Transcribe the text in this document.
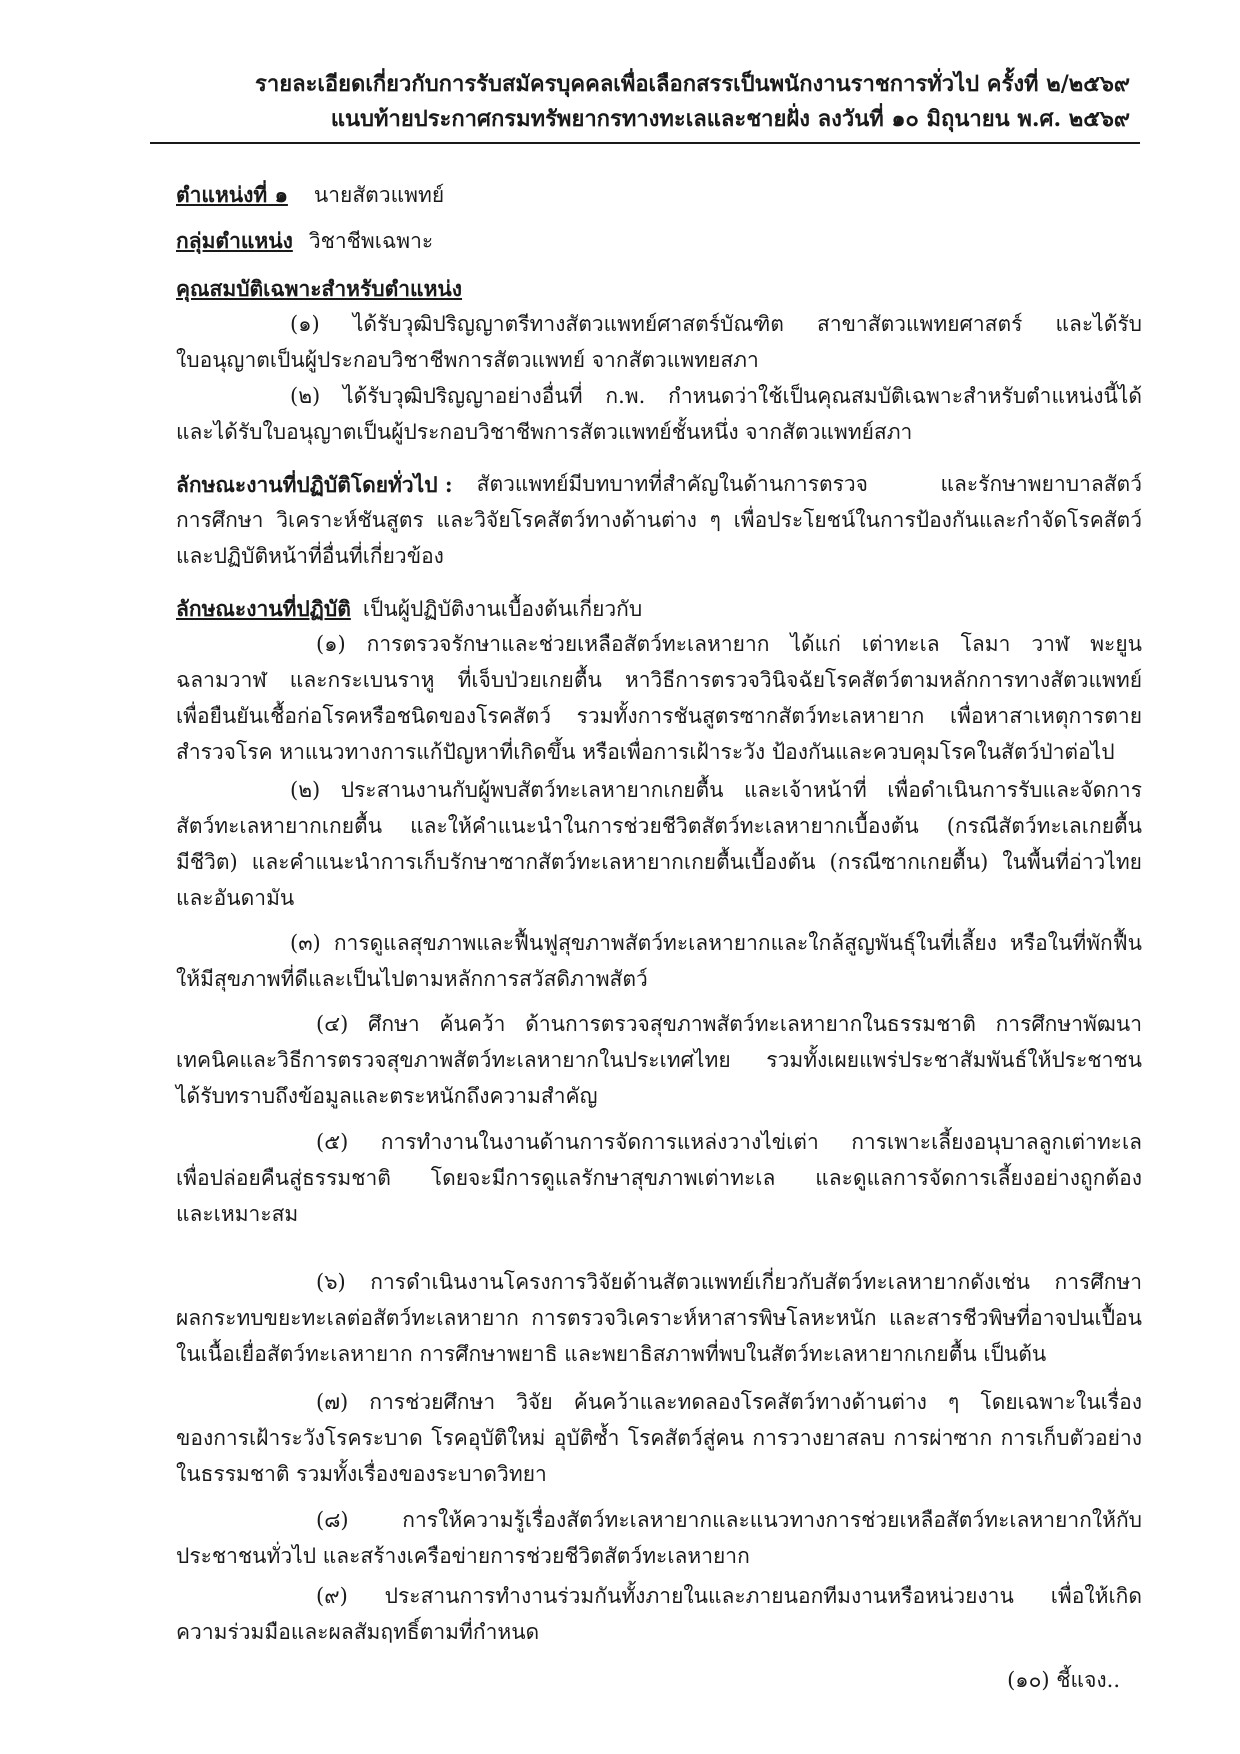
รายละเอียดเกี่ยวกับการรับสมัครบุคคลเพื่อเลือกสรรเป็นพนักงานราชการทั่วไป ครั้งที่ ๒/๒๕๖๙
แนบท้ายประกาศกรมทรัพยากรทางทะเลและชายฝั่ง ลงวันที่ ๑๐ มิถุนายน พ.ศ. ๒๕๖๙
ตำแหน่งที่ ๑ นายสัตวแพทย์
กลุ่มตำแหน่ง วิชาชีพเฉพาะ
คุณสมบัติเฉพาะสำหรับตำแหน่ง
(๑) ได้รับวุฒิปริญญาตรีทางสัตวแพทย์ศาสตร์บัณฑิต สาขาสัตวแพทยศาสตร์ และได้รับ
ใบอนุญาตเป็นผู้ประกอบวิชาชีพการสัตวแพทย์ จากสัตวแพทยสภา
(๒) ได้รับวุฒิปริญญาอย่างอื่นที่ ก.พ. กำหนดว่าใช้เป็นคุณสมบัติเฉพาะสำหรับตำแหน่งนี้ได้
และได้รับใบอนุญาตเป็นผู้ประกอบวิชาชีพการสัตวแพทย์ชั้นหนึ่ง จากสัตวแพทย์สภา
ลักษณะงานที่ปฏิบัติโดยทั่วไป : สัตวแพทย์มีบทบาทที่สำคัญในด้านการตรวจ และรักษาพยาบาลสัตว์
การศึกษา วิเคราะห์ชันสูตร และวิจัยโรคสัตว์ทางด้านต่าง ๆ เพื่อประโยชน์ในการป้องกันและกำจัดโรคสัตว์
และปฏิบัติหน้าที่อื่นที่เกี่ยวข้อง
ลักษณะงานที่ปฏิบัติ เป็นผู้ปฏิบัติงานเบื้องต้นเกี่ยวกับ
(๑) การตรวจรักษาและช่วยเหลือสัตว์ทะเลหายาก ได้แก่ เต่าทะเล โลมา วาฬ พะยูน
ฉลามวาฬ และกระเบนราหู ที่เจ็บป่วยเกยตื้น หาวิธีการตรวจวินิจฉัยโรคสัตว์ตามหลักการทางสัตวแพทย์
เพื่อยืนยันเชื้อก่อโรคหรือชนิดของโรคสัตว์ รวมทั้งการชันสูตรซากสัตว์ทะเลหายาก เพื่อหาสาเหตุการตาย
สำรวจโรค หาแนวทางการแก้ปัญหาที่เกิดขึ้น หรือเพื่อการเฝ้าระวัง ป้องกันและควบคุมโรคในสัตว์ป่าต่อไป
(๒) ประสานงานกับผู้พบสัตว์ทะเลหายากเกยตื้น และเจ้าหน้าที่ เพื่อดำเนินการรับและจัดการ
สัตว์ทะเลหายากเกยตื้น และให้คำแนะนำในการช่วยชีวิตสัตว์ทะเลหายากเบื้องต้น (กรณีสัตว์ทะเลเกยตื้น
มีชีวิต) และคำแนะนำการเก็บรักษาซากสัตว์ทะเลหายากเกยตื้นเบื้องต้น (กรณีซากเกยตื้น) ในพื้นที่อ่าวไทย
และอันดามัน
(๓) การดูแลสุขภาพและฟื้นฟูสุขภาพสัตว์ทะเลหายากและใกล้สูญพันธุ์ในที่เลี้ยง หรือในที่พักฟื้น
ให้มีสุขภาพที่ดีและเป็นไปตามหลักการสวัสดิภาพสัตว์
(๔) ศึกษา ค้นคว้า ด้านการตรวจสุขภาพสัตว์ทะเลหายากในธรรมชาติ การศึกษาพัฒนา
เทคนิคและวิธีการตรวจสุขภาพสัตว์ทะเลหายากในประเทศไทย รวมทั้งเผยแพร่ประชาสัมพันธ์ให้ประชาชน
ได้รับทราบถึงข้อมูลและตระหนักถึงความสำคัญ
(๕) การทำงานในงานด้านการจัดการแหล่งวางไข่เต่า การเพาะเลี้ยงอนุบาลลูกเต่าทะเล
เพื่อปล่อยคืนสู่ธรรมชาติ โดยจะมีการดูแลรักษาสุขภาพเต่าทะเล และดูแลการจัดการเลี้ยงอย่างถูกต้อง
และเหมาะสม
(๖) การดำเนินงานโครงการวิจัยด้านสัตวแพทย์เกี่ยวกับสัตว์ทะเลหายากดังเช่น การศึกษา
ผลกระทบขยะทะเลต่อสัตว์ทะเลหายาก การตรวจวิเคราะห์หาสารพิษโลหะหนัก และสารชีวพิษที่อาจปนเปื้อน
ในเนื้อเยื่อสัตว์ทะเลหายาก การศึกษาพยาธิ และพยาธิสภาพที่พบในสัตว์ทะเลหายากเกยตื้น เป็นต้น
(๗) การช่วยศึกษา วิจัย ค้นคว้าและทดลองโรคสัตว์ทางด้านต่าง ๆ โดยเฉพาะในเรื่อง
ของการเฝ้าระวังโรคระบาด โรคอุบัติใหม่ อุบัติซ้ำ โรคสัตว์สู่คน การวางยาสลบ การผ่าซาก การเก็บตัวอย่าง
ในธรรมชาติ รวมทั้งเรื่องของระบาดวิทยา
(๘) การให้ความรู้เรื่องสัตว์ทะเลหายากและแนวทางการช่วยเหลือสัตว์ทะเลหายากให้กับ
ประชาชนทั่วไป และสร้างเครือข่ายการช่วยชีวิตสัตว์ทะเลหายาก
(๙) ประสานการทำงานร่วมกันทั้งภายในและภายนอกทีมงานหรือหน่วยงาน เพื่อให้เกิด
ความร่วมมือและผลสัมฤทธิ์ตามที่กำหนด
(๑๐) ชี้แจง..
